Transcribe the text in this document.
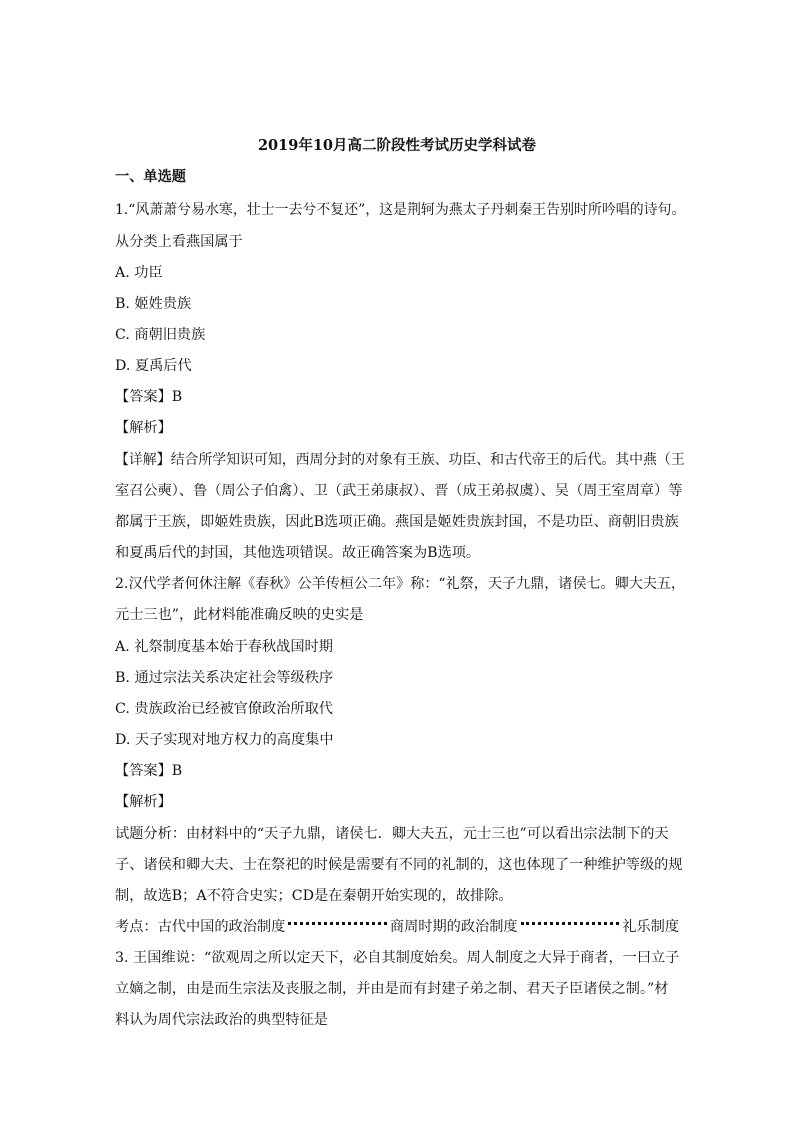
2019年10月高二阶段性考试历史学科试卷
一、单选题
1.“风萧萧兮易水寒，壮士一去兮不复还”，这是荆轲为燕太子丹刺秦王告别时所吟唱的诗句。
从分类上看燕国属于
A. 功臣
B. 姬姓贵族
C. 商朝旧贵族
D. 夏禹后代
【答案】B
【解析】
【详解】结合所学知识可知，西周分封的对象有王族、功臣、和古代帝王的后代。其中燕（王
室召公奭）、鲁（周公子伯禽）、卫（武王弟康叔）、晋（成王弟叔虞）、吴（周王室周章）等
都属于王族，即姬姓贵族，因此B选项正确。燕国是姬姓贵族封国，不是功臣、商朝旧贵族
和夏禹后代的封国，其他选项错误。故正确答案为B选项。
2.汉代学者何休注解《春秋》公羊传桓公二年》称：“礼祭，天子九鼎，诸侯七。卿大夫五，
元士三也”，此材料能准确反映的史实是
A. 礼祭制度基本始于春秋战国时期
B. 通过宗法关系决定社会等级秩序
C. 贵族政治已经被官僚政治所取代
D. 天子实现对地方权力的高度集中
【答案】B
【解析】
试题分析：由材料中的“天子九鼎，诸侯七．卿大夫五，元士三也”可以看出宗法制下的天
子、诸侯和卿大夫、士在祭祀的时候是需要有不同的礼制的，这也体现了一种维护等级的规
制，故选B；A不符合史实；CD是在秦朝开始实现的，故排除。
考点：古代中国的政治制度	商周时期的政治制度	礼乐制度
3. 王国维说：“欲观周之所以定天下，必自其制度始矣。周人制度之大异于商者，一曰立子
立嫡之制，由是而生宗法及丧服之制，并由是而有封建子弟之制、君天子臣诸侯之制。”材
料认为周代宗法政治的典型特征是
